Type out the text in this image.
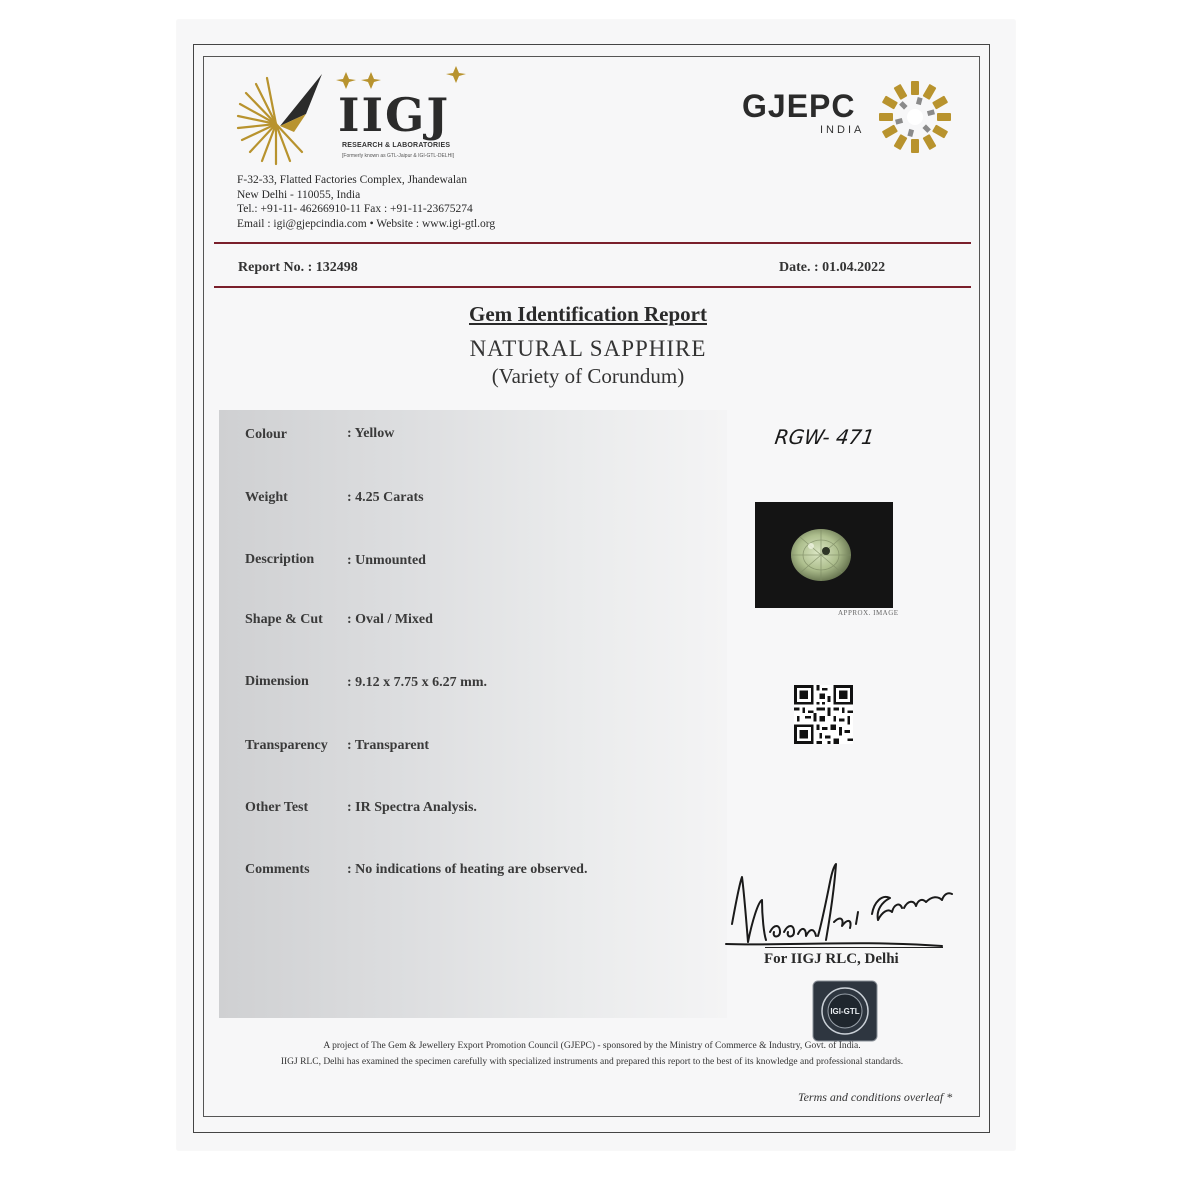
IIGJ
RESEARCH & LABORATORIES
[Formerly known as GTL-Jaipur & IGI-GTL-DELHI]
GJEPC
INDIA
F-32-33, Flatted Factories Complex, Jhandewalan
New Delhi - 110055, India
Tel.: +91-11- 46266910-11 Fax : +91-11-23675274
Email : igi@gjepcindia.com • Website : www.igi-gtl.org
Report No. : 132498	Date. : 01.04.2022
Gem Identification Report
NATURAL SAPPHIRE
(Variety of Corundum)
Colour	: Yellow
Weight	: 4.25 Carats
Description : Unmounted
Shape & Cut : Oval / Mixed
Dimension	: 9.12 x 7.75 x 6.27 mm.
Transparency : Transparent
Other Test	: IR Spectra Analysis.
Comments	: No indications of heating are observed.
RGW- 471
APPROX. IMAGE
For IIGJ RLC, Delhi
IGI-GTL
A project of The Gem & Jewellery Export Promotion Council (GJEPC) - sponsored by the Ministry of Commerce & Industry, Govt. of India.
IIGJ RLC, Delhi has examined the specimen carefully with specialized instruments and prepared this report to the best of its knowledge and professional standards.
Terms and conditions overleaf *
